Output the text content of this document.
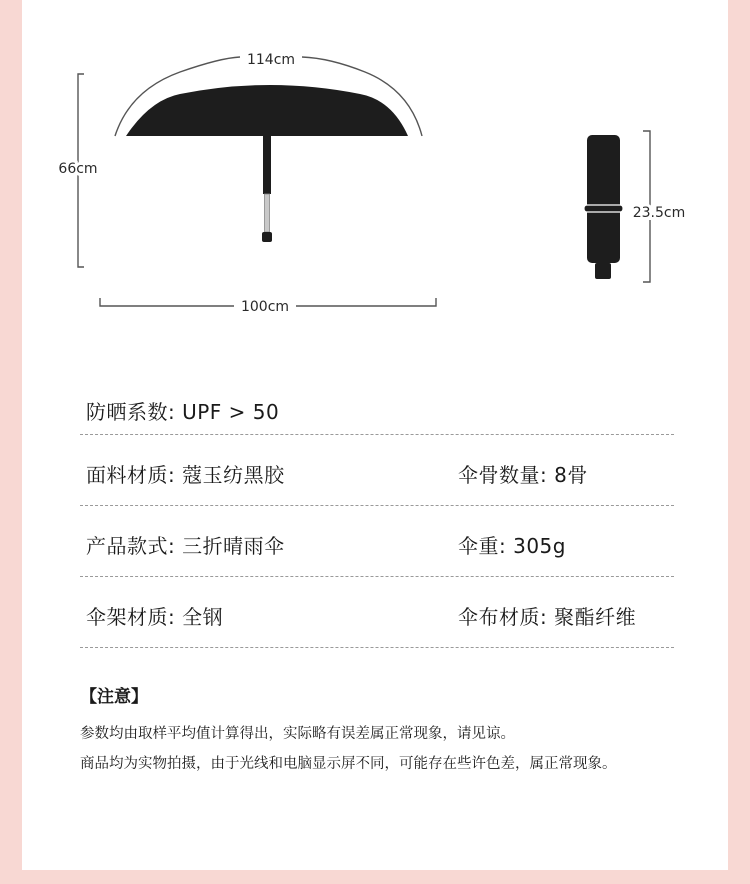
114cm
66cm
100cm
23.5cm
防晒系数: UPF > 50
面料材质: 蔻玉纺黑胶	伞骨数量: 8骨
产品款式: 三折晴雨伞	伞重: 305g
伞架材质: 全钢	伞布材质: 聚酯纤维
【注意】
参数均由取样平均值计算得出，实际略有误差属正常现象，请见谅。
商品均为实物拍摄，由于光线和电脑显示屏不同，可能存在些许色差，属正常现象。
